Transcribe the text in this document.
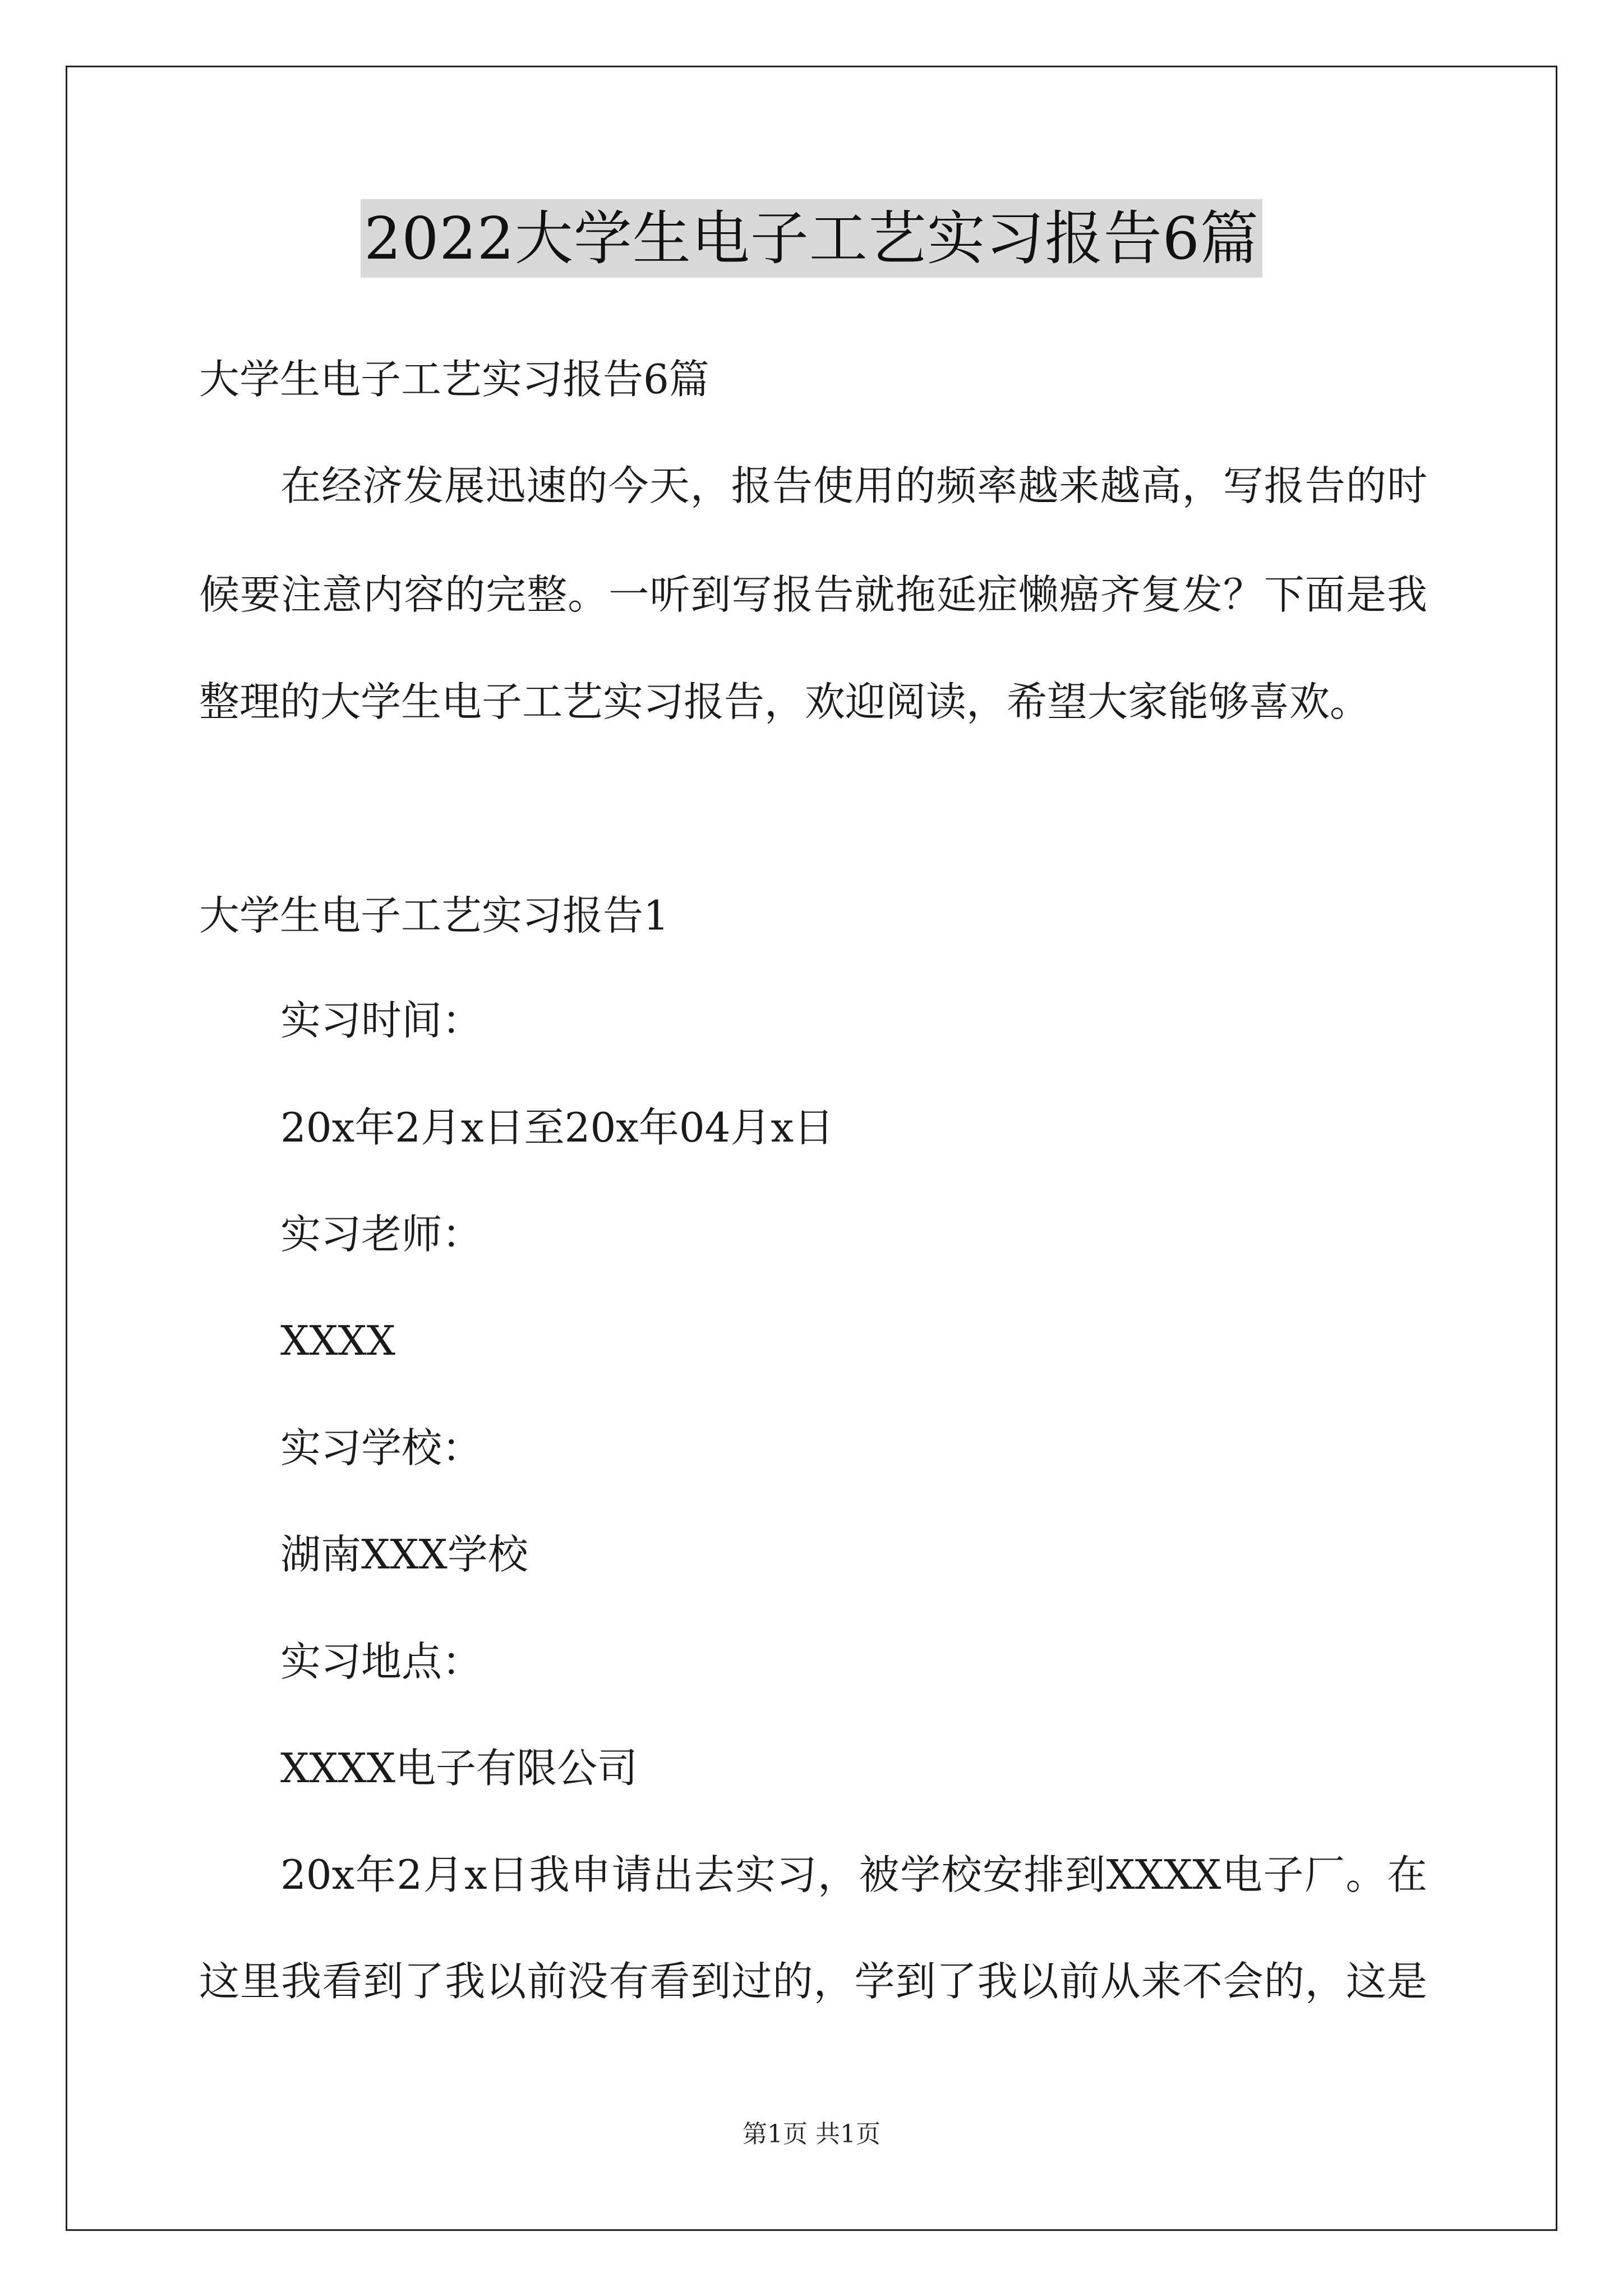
2022大学生电子工艺实习报告6篇
大学生电子工艺实习报告6篇
在经济发展迅速的今天，报告使用的频率越来越高，写报告的时
候要注意内容的完整。一听到写报告就拖延症懒癌齐复发？下面是我
整理的大学生电子工艺实习报告，欢迎阅读，希望大家能够喜欢。
大学生电子工艺实习报告1
实习时间：
20x年2月x日至20x年04月x日
实习老师：
XXXX
实习学校：
湖南XXX学校
实习地点：
XXXX电子有限公司
20x年2月x日我申请出去实习，被学校安排到XXXX电子厂。在
这里我看到了我以前没有看到过的，学到了我以前从来不会的，这是
第1页 共1页
